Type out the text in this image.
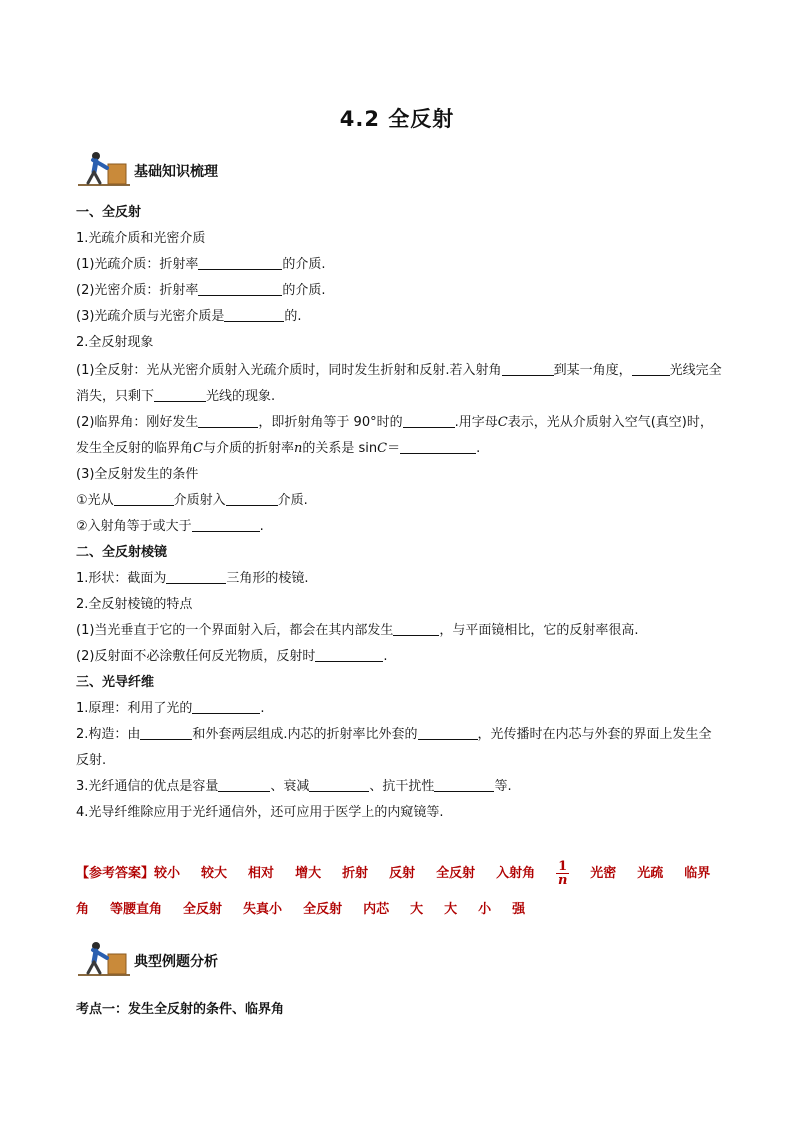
4.2 全反射
基础知识梳理
一、全反射
1.光疏介质和光密介质
(1)光疏介质：折射率	的介质.
(2)光密介质：折射率	的介质.
(3)光疏介质与光密介质是	的.
2.全反射现象
(1)全反射：光从光密介质射入光疏介质时，同时发生折射和反射.若入射角	到某一角度，	光线完全消失，只剩下	光线的现象.
(2)临界角：刚好发生	，即折射角等于 90°时的	.用字母C表示，光从介质射入空气(真空)时，发生全反射的临界角C与介质的折射率n的关系是 sinC＝	.
(3)全反射发生的条件
①光从	介质射入	介质.
②入射角等于或大于	.
二、全反射棱镜
1.形状：截面为	三角形的棱镜.
2.全反射棱镜的特点
(1)当光垂直于它的一个界面射入后，都会在其内部发生	，与平面镜相比，它的反射率很高.
(2)反射面不必涂敷任何反光物质，反射时	.
三、光导纤维
1.原理：利用了光的	.
2.构造：由	和外套两层组成.内芯的折射率比外套的	，光传播时在内芯与外套的界面上发生全反射.
3.光纤通信的优点是容量	、衰减	、抗干扰性	等.
4.光导纤维除应用于光纤通信外，还可应用于医学上的内窥镜等.
【参考答案】较小 较大 相对 增大 折射 反射 全反射 入射角 $\frac{1}{n}$ 光密 光疏 临界角 等腰直角 全反射 失真小 全反射 内芯 大 大 小 强
典型例题分析
考点一：发生全反射的条件、临界角
